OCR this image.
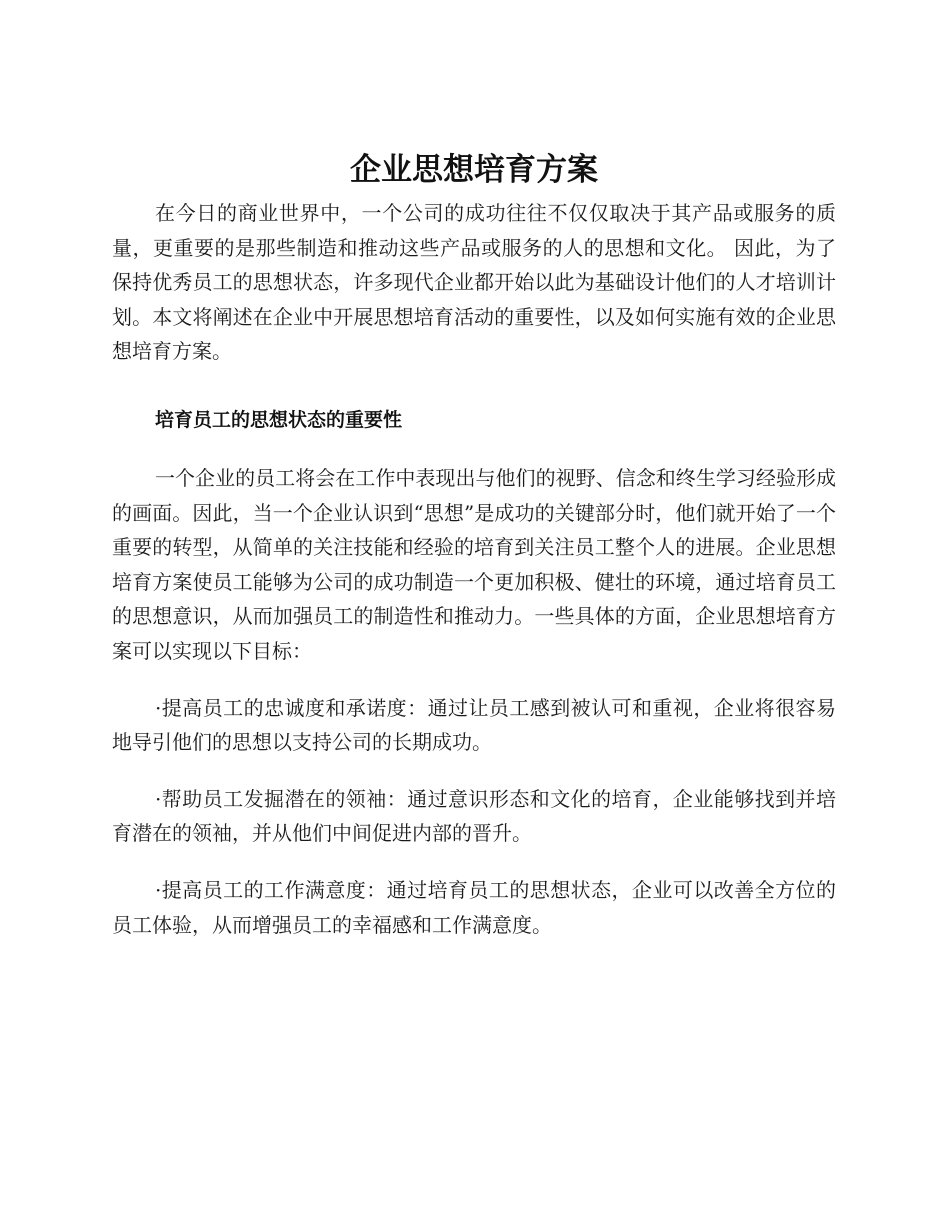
企业思想培育方案

在今日的商业世界中，一个公司的成功往往不仅仅取决于其产品或服务的质量，更重要的是那些制造和推动这些产品或服务的人的思想和文化。 因此，为了保持优秀员工的思想状态，许多现代企业都开始以此为基础设计他们的人才培训计划。本文将阐述在企业中开展思想培育活动的重要性，以及如何实施有效的企业思想培育方案。

培育员工的思想状态的重要性

一个企业的员工将会在工作中表现出与他们的视野、信念和终生学习经验形成的画面。因此，当一个企业认识到“思想”是成功的关键部分时，他们就开始了一个重要的转型，从简单的关注技能和经验的培育到关注员工整个人的进展。企业思想培育方案使员工能够为公司的成功制造一个更加积极、健壮的环境，通过培育员工的思想意识，从而加强员工的制造性和推动力。一些具体的方面，企业思想培育方案可以实现以下目标：

·提高员工的忠诚度和承诺度：通过让员工感到被认可和重视，企业将很容易地导引他们的思想以支持公司的长期成功。

·帮助员工发掘潜在的领袖：通过意识形态和文化的培育，企业能够找到并培育潜在的领袖，并从他们中间促进内部的晋升。

·提高员工的工作满意度：通过培育员工的思想状态，企业可以改善全方位的员工体验，从而增强员工的幸福感和工作满意度。
